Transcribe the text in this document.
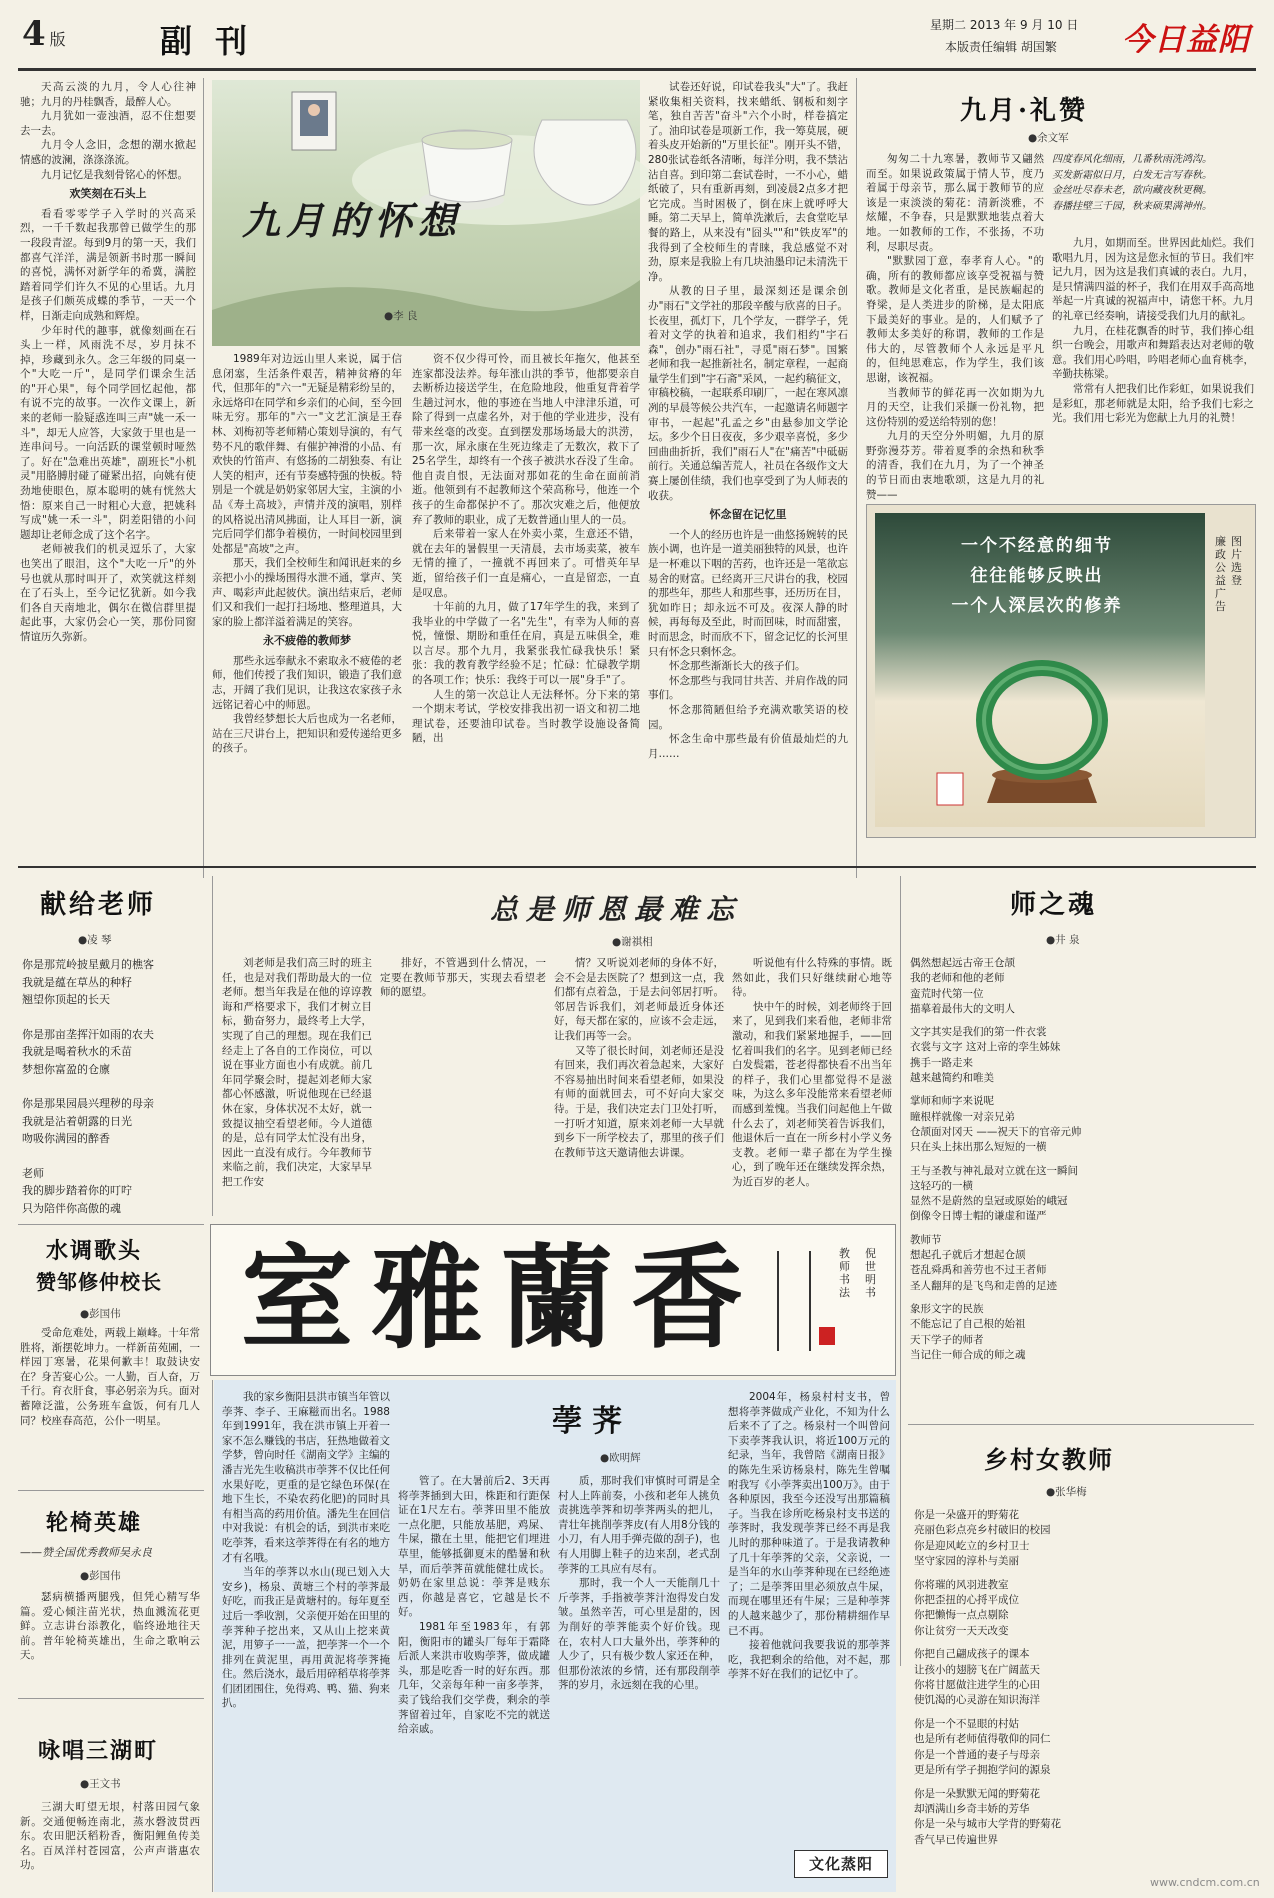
4 版	副 刊	星期二 2013 年 9 月 10 日
本版责任编辑 胡国繁 今日益阳

天高云淡的九月，令人心往神驰；九月的丹桂飘香，最醉人心。

九月犹如一壶浊酒，忍不住想要去一去。

九月令人念旧，念想的潮水掀起情感的波澜，涤涤涤流。

九月记忆是我刻骨铭心的怀想。

欢笑刻在石头上

看看零零学子入学时的兴高采烈，一千千数起我那曾已做学生的那一段段青涩。每到9月的第一天，我们都喜气洋洋，满是领新书时那一瞬间的喜悦，满怀对新学年的希冀，满腔踏着同学们许久不见的心里话。九月是孩子们颇英成蝶的季节，一天一个样，日渐走向成熟和辉煌。

少年时代的趣事，就像刻画在石头上一样，风雨洗不尽，岁月抹不掉，珍藏到永久。念三年级的同桌一个"大吃一斤"，是同学们课余生活的"开心果"，每个同学回忆起他，都有说不完的故事。一次作文课上，新来的老师一脸疑惑连叫三声"姚一禾一斗"，却无人应答，大家敛于里也是一连串问号。一向活跃的课堂顿时哑然了。好在"急难出英雄"，副班长"小机灵"用胳膊肘碰了碰紧出招，向姚有使劲地使眼色，原本聪明的姚有恍然大悟：原来自己一时粗心大意，把姚科写成"姚一禾一斗"，阴差阳错的小问题却让老师念成了这个名字。

老师被我们的机灵逗乐了，大家也笑出了眼泪，这个"大吃一斤"的外号也就从那时叫开了，欢笑就这样刻在了石头上，至今记忆犹新。如今我们各自天南地北，偶尔在微信群里提起此事，大家仍会心一笑，那份同窗情谊历久弥新。

九月的怀想
●李 良

1989年对边远山里人来说，属于信息闭塞，生活条件艰苦，精神贫瘠的年代，但那年的"六一"无疑是精彩纷呈的，永远烙印在同学和乡亲们的心间，至今回味无穷。那年的"六一"文艺汇演是王春林、刘梅初等老师精心策划导演的，有气势不凡的歌伴舞、有催护神滑的小品、有欢快的竹笛声、有悠扬的二胡独奏、有让人笑的相声，还有节奏感特强的快板。特别是一个就是奶奶家邻居大宝，主演的小品《寿土高坡》，声情并茂的演唱，别样的风格说出清风拂面，让人耳目一新，演完后同学们都争着模仿，一时间校园里到处都是"高坡"之声。

那天，我们全校师生和闻讯赶来的乡亲把小小的操场围得水泄不通，掌声、笑声、喝彩声此起彼伏。演出结束后，老师们又和我们一起打扫场地、整理道具，大家的脸上都洋溢着满足的笑容。

永不疲倦的教师梦

那些永远奉献永不索取永不疲倦的老师，他们传授了我们知识，锻造了我们意志，开阔了我们见识，让我这农家孩子永远铭记着心中的师恩。

我曾经梦想长大后也成为一名老师，站在三尺讲台上，把知识和爱传递给更多的孩子。

资不仅少得可怜，而且被长年拖欠，他甚至连家都没法养。每年涨山洪的季节，他都要亲自去断桥边接送学生，在危险地段，他重复背着学生趟过河水，他的事迹在当地人中津津乐道，可除了得到一点虚名外，对于他的学业进步，没有带来丝毫的改变。直到摆发那场场最大的洪涝，那一次，犀永康在生死边缘走了无数次，救下了25名学生，却终有一个孩子被洪水吞没了生命。他自责自恨，无法面对那如花的生命在面前消逝。他领到有不起教师这个荣高称号，他连一个孩子的生命都保护不了。那次灾难之后，他便放弃了教师的职业，成了无数普通山里人的一员。

后来带着一家人在外卖小菜，生意还不错，就在去年的暑假里一天清晨，去市场卖菜，被车无情的撞了，一撞就不再回来了。可惜英年早逝，留给孩子们一直是痛心，一直是留恋，一直是叹息。

十年前的九月，做了17年学生的我，来到了我毕业的中学做了一名"先生"，有幸为人师的喜悦，憧憬、期盼和重任在肩，真是五味俱全，难以言尽。那个九月，我紧张我忙碌我快乐！紧张：我的教育教学经验不足；忙碌：忙碌教学期的各项工作；快乐：我终于可以一展"身手"了。

人生的第一次总让人无法释怀。分下来的第一个期末考试，学校安排我出初一语文和初二地理试卷，还要油印试卷。当时教学设施设备简陋，出

试卷还好说，印试卷我头"大"了。我赶紧收集相关资料，找来蜡纸、钢板和刻字笔，独自苦苦"奋斗"六个小时，样卷搞定了。油印试卷是项新工作，我一筹莫展，硬着头皮开始新的"万里长征"。刚开头不错，280张试卷纸各清晰，每洋分明，我不禁沾沾自喜。到印第二套试卷时，一不小心，蜡纸破了，只有重新再刻，到凌晨2点多才把它完成。当时困极了，倒在床上就呼呼大睡。第二天早上，简单洗漱后，去食堂吃早餐的路上，从来没有"囧头""和"铁皮军"的我得到了全校师生的青睐，我总感觉不对劲，原来是我脸上有几块油墨印记未清洗干净。

从教的日子里，最深刻还是课余创办"雨石"文学社的那段辛酸与欣喜的日子。长夜里，孤灯下，几个学友，一群学子，凭着对文学的执着和追求，我们相约"宇石森"，创办"雨石社"，寻觅"雨石梦"。国繁老师和我一起推新社名，制定章程，一起商量学生们到"宇石斋"采风，一起约稿征文，审稿校稿，一起联系印刷厂，一起在寒风凛冽的早晨等候公共汽车，一起邀请名师题字审书，一起起"孔孟之乡"由悬参加文学论坛。多少个日日夜夜，多少艰辛喜悦，多少回曲曲折折，我们"雨石人"在"痛苦"中砥砺前行。关通总编苦荒人，社员在各级作文大赛上屡创佳绩，我们也享受到了为人师表的收获。

怀念留在记忆里

一个人的经历也许是一曲悠扬婉转的民族小调，也许是一道美丽独特的风景，也许是一杯难以下咽的苦药，也许还是一笔欲忘易舍的财富。已经离开三尺讲台的我，校园的那些年，那些人和那些事，还历历在目，犹如昨日；却永远不可及。夜深人静的时候，再每每及至此，时而回味，时而甜蜜，时而思念，时而欣不下，留念记忆的长河里只有怀念只剩怀念。

怀念那些渐渐长大的孩子们。

怀念那些与我同甘共苦、并肩作战的同事们。

怀念那简陋但给予充满欢歌笑语的校园。

怀念生命中那些最有价值最灿烂的九月……

九月·礼赞
●余文军

匆匆二十九寒暑，教师节又翩然而至。如果说政策属于情人节，度乃着属于母亲节，那么属于教师节的应该是一束淡淡的菊花：清新淡雅，不炫耀，不争春，只是默默地装点着大地。一如教师的工作，不张扬，不功利，尽职尽责。

"默默园丁意，奉孝育人心。"的确，所有的教师都应该享受祝福与赞歌。教师是文化者重，是民族崛起的脊梁，是人类进步的阶梯，是太阳底下最美好的事业。是的，人们赋予了教师太多美好的称谓，教师的工作是伟大的，尽管教师个人永远是平凡的，但纯思难忘，作为学生，我们该思谢，该祝福。

当教师节的鲜花再一次如期为九月的天空，让我们采撷一份礼物，把这份特别的爱送给特别的您！

九月的天空分外明媚，九月的原野弥漫芬芳。带着夏季的余热和秋季的清香，我们在九月，为了一个神圣的节日而由衷地歌颂，这是九月的礼赞——

四度春风化细雨，几番秋雨洗鸿沟。
买发新霜似日月，白发无言写春秋。
金丝吐尽春未老，欲向藏夜秋更稠。
春播挂壁三千园，秋来硕果满神州。

九月，如期而至。世界因此灿烂。我们歌唱九月，因为这是您永恒的节日。我们牢记九月，因为这是我们真诚的表白。九月，是只情满四溢的杯子，我们在用双手高高地举起一片真诚的祝福声中，请您干杯。九月的礼章已经奏响，请接受我们九月的献礼。

九月，在桂花飘香的时节，我们捧心组织一台晚会，用歌声和舞蹈表达对老师的敬意。我们用心吟唱，吟唱老师心血育桃李，辛勤扶栋梁。

常常有人把我们比作彩虹，如果说我们是彩虹，那老师就是太阳，给予我们七彩之光。我们用七彩光为您献上九月的礼赞！

一个不经意的细节
往往能够反映出
一个人深层次的修养
廉政公益广告
图片选登
献给老师
●凌 琴

你是那荒岭披星戴月的樵客

我就是蕴在草丛的种籽

翘望你顶起的长天

你是那亩垄挥汗如雨的农夫

我就是喝着秋水的禾苗

梦想你富盈的仓廪

你是那果园晨兴理秽的母亲

我就是沾着朝露的日光

吻吸你满园的醉香

老师

我的脚步踏着你的叮咛

只为陪伴你高傲的魂

总是师恩最难忘
●谢祺相

刘老师是我们高三时的班主任，也是对我们帮助最大的一位老师。想当年我是在他的谆谆教诲和严格要求下，我们才树立目标，勤奋努力，最终考上大学，实现了自己的理想。现在我们已经走上了各自的工作岗位，可以说在事业方面也小有成就。前几年同学聚会时，提起刘老师大家都心怀感激，听说他现在已经退休在家，身体状况不太好，就一致提议抽空看望老师。今人道德的是，总有同学太忙没有出身，因此一直没有成行。今年教师节来临之前，我们决定，大家早早把工作安

排好，不管遇到什么情况，一定要在教师节那天，实现去看望老师的愿望。

情？又听说刘老师的身体不好，会不会是去医院了？想到这一点，我们都有点着急，于是去问邻居打听。邻居告诉我们，刘老师最近身体还好，每天都在家的，应该不会走远，让我们再等一会。

又等了很长时间，刘老师还是没有回来，我们再次着急起来，大家好不容易抽出时间来看望老师，如果没有师的面就回去，可不好向大家交待。于是，我们决定去门卫处打听，一打听才知道，原来刘老师一大早就到乡下一所学校去了，那里的孩子们在教师节这天邀请他去讲课。

听说他有什么特殊的事情。既然如此，我们只好继续耐心地等待。

快中午的时候，刘老师终于回来了，见到我们来看他，老师非常激动，和我们紧紧地握手，——回忆着叫我们的名字。见到老师已经白发鬓霜，苍老得都快看不出当年的样子，我们心里都觉得不是滋味，为这么多年没能常来看望老师而感到羞愧。当我们问起他上午做什么去了，刘老师笑着告诉我们，他退休后一直在一所乡村小学义务支教。老师一辈子都在为学生操心，到了晚年还在继续发挥余热，为近百岁的老人。

师之魂
●井 泉
偶然想起远古帝王仓颉
我的老师和他的老师
蛮荒时代第一位
描摹着最伟大的文明人
文字其实是我们的第一件衣裳
衣裳与文字 这对上帝的孪生姊妹
携手一路走来
越来越简约和唯美
掌师和师字来说呢
瞳根样就像一对亲兄弟
仓颉面对冈天 ——祝天下的官帝元帅
只在头上抹出那么短短的一横
王与圣教与神礼最对立就在这一瞬间
这轻巧的一横
显然不是蔚然的皇冠或原始的峨冠
倒像令日博士帽的谦虚和谨严
教师节
想起孔子就后才想起仓颉
苍乱舜禹和善劳也不过王者师
圣人翻拜的是飞鸟和走兽的足迹
象形文字的民族
不能忘记了自己根的始祖
天下学子的师者
当记住一师合成的师之魂
室雅蘭香	教师书法
倪世明 书
水调歌头
赞邹修仲校长
●彭国伟

受命危难处，两载上巅峰。十年常胜将，渐摆乾坤力。一样新苗苑圃，一样园丁寒暑，花果何歉丰！取鼓诀安在？身苦宴心公。一人勤，百人奋，万千行。育衣肝食，事必躬亲为兵。面对蓄障泛滥，公务班车盒饭，何有几人同？校座春高范，公仆一明星。

轮椅英雄
——赞全国优秀教师吴永良
●彭国伟

瑟病横播两腿残，但凭心精写华篇。爱心倾注苗光状，热血溅流花更鲜。立志讲台添教化，临终逊地往天前。普年轮椅英雄出，生命之歌响云天。

咏唱三湖町
●王文书

三湖大町望无垠，村落田园气象新。交通便畅连南北，蒸水磬波贯西东。农田肥沃稻粉香，衡阳鲤鱼传美名。百凤洋村苍园富，公声声谐惠农功。

荸荠
●欧明辉

我的家乡衡阳县洪市镇当年管以荸荠、李子、王麻糍而出名。1988年到1991年，我在洪市镇上开着一家不怎么赚钱的书店，狂热地做着文学梦，曾向时任《湖南文学》主编的潘吉光先生收稿洪市荸荠不仅比任何水果好吃，更重的是它绿色环保(在地下生长，不染农药化肥)的同时具有相当高的药用价值。潘先生在回信中对我说：有机会的话，到洪市来吃吃荸荠，看来这荸荠得在有名的地方才有名哦。

当年的荸荠以水山(现已划入大安乡)，杨泉、黄塘三个村的荸荠最好吃，而我正是黄塘村的。每年夏至过后一季收割，父亲便开始在田里的荸荠种子挖出来，又从山上挖来黄泥，用箩子一一盖，把荸荠一个一个排列在黄泥里，再用黄泥将荸荠掩住。然后浇水，最后用碎稻草将荸荠们团团围住，免得鸡、鸭、猫、狗来扒。

管了。在大暑前后2、3天再将荸荠插到大田，株距和行距保证在1尺左右。荸荠田里不能放一点化肥，只能放基肥，鸡屎、牛屎，撒在土里，能把它们埋进草里，能够抵御夏末的酷暑和秋旱，而后荸荠苗就能健壮成长。奶奶在家里总说：荸荠是贱东西，你越是喜它，它越是长不好。

1981年至1983年，有郭阳，衡阳市的罐头厂每年于霜降后派人来洪市收购荸荠，做成罐头，那是吃香一时的好东西。那几年，父亲每年种一亩多荸荠，卖了钱给我们交学费，剩余的荸荠留着过年，自家吃不完的就送给亲戚。

质，那时我们审慎时可谓是全村人上阵前奏，小孩和老年人挑负责挑选荸荠和切荸荠两头的把儿，青壮年挑削荸荠皮(有人用8分钱的小刀，有人用手弹壳做的刮子)，也有人用脚上鞋子的边来刮，老式刮荸荠的工具应有尽有。

那时，我一个人一天能削几十斤荸荠，手指被荸荠汁泡得发白发皱。虽然辛苦，可心里是甜的，因为削好的荸荠能卖个好价钱。现在，农村人口大量外出，荸荠种的人少了，只有极少数人家还在种，但那份浓浓的乡情，还有那段削荸荠的岁月，永远刻在我的心里。

2004年，杨泉村村支书，曾想将荸荠做成产业化，不知为什么后来不了了之。杨泉村一个叫曾问下卖荸荠我认识，将近100万元的纪录，当年，我曾陪《湖南日报》的陈先生采访杨泉村，陈先生曾嘱咐我写《小荸荠卖出100万》。由于各种原因，我至今还没写出那篇稿子。当我在诊所吃杨泉村支书送的荸荠时，我发现荸荠已经不再是我儿时的那种味道了。于是我请教种了几十年荸荠的父亲，父亲说，一是当年的水山荸荠种现在已经绝迹了；二是荸荠田里必须放点牛屎，而现在哪里还有牛屎；三是种荸荠的人越来越少了，那份精耕细作早已不再。

接着他就问我要我说的那荸荠吃，我把剩余的给他，对不起，那荸荠不好在我们的记忆中了。

文化蒸阳
乡村女教师
●张华梅
你是一朵盛开的野菊花
亮丽色彩点亮乡村破旧的校园
你是迎风屹立的乡村卫士
坚守家园的淳朴与美丽
你将璀的风羽进教室
你把歪扭的心捋平成位
你把懒悔一点点剔除
你让贫穷一天天改变
你把自己翩成孩子的课本
让孩小的翅膀飞在广阔蓝天
你将甘愿做注进学生的心田
使饥渴的心灵游在知识海洋
你是一个不显眼的村姑
也是所有老师值得敬仰的同仁
你是一个普通的妻子与母亲
更是所有学子拥抱学问的源泉
你是一朵默默无闻的野菊花
却洒满山乡奇丰娇的芳华
你是一朵与城市大学背的野菊花
香气早已传遍世界
www.cndcm.com.cn
